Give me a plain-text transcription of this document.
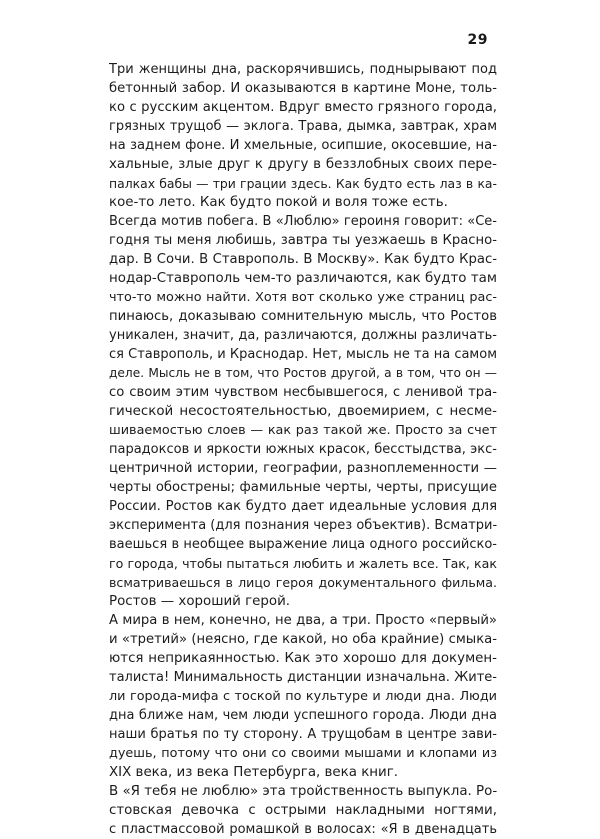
29
Три женщины дна, раскорячившись, поднырывают под
бетонный забор. И оказываются в картине Моне, толь-
ко с русским акцентом. Вдруг вместо грязного города,
грязных трущоб — эклога. Трава, дымка, завтрак, храм
на заднем фоне. И хмельные, осипшие, окосевшие, на-
хальные, злые друг к другу в беззлобных своих пере-
палках бабы — три грации здесь. Как будто есть лаз в ка-
кое-то лето. Как будто покой и воля тоже есть.
Всегда мотив побега. В «Люблю» героиня говорит: «Се-
годня ты меня любишь, завтра ты уезжаешь в Красно-
дар. В Сочи. В Ставрополь. В Москву». Как будто Крас-
нодар-Ставрополь чем-то различаются, как будто там
что-то можно найти. Хотя вот сколько уже страниц рас-
пинаюсь, доказываю сомнительную мысль, что Ростов
уникален, значит, да, различаются, должны различать-
ся Ставрополь, и Краснодар. Нет, мысль не та на самом
деле. Мысль не в том, что Ростов другой, а в том, что он —
со своим этим чувством несбывшегося, с ленивой тра-
гической несостоятельностью, двоемирием, с несме-
шиваемостью слоев — как раз такой же. Просто за счет
парадоксов и яркости южных красок, бесстыдства, экс-
центричной истории, географии, разноплеменности —
черты обострены; фамильные черты, черты, присущие
России. Ростов как будто дает идеальные условия для
эксперимента (для познания через объектив). Всматри-
ваешься в необщее выражение лица одного российско-
го города, чтобы пытаться любить и жалеть все. Так, как
всматриваешься в лицо героя документального фильма.
Ростов — хороший герой.
А мира в нем, конечно, не два, а три. Просто «первый»
и «третий» (неясно, где какой, но оба крайние) смыка-
ются неприкаянностью. Как это хорошо для докумен-
талиста! Минимальность дистанции изначальна. Жите-
ли города-мифа с тоской по культуре и люди дна. Люди
дна ближе нам, чем люди успешного города. Люди дна
наши братья по ту сторону. А трущобам в центре зави-
дуешь, потому что они со своими мышами и клопами из
XIX века, из века Петербурга, века книг.
В «Я тебя не люблю» эта тройственность выпукла. Ро-
стовская девочка с острыми накладными ногтями,
с пластмассовой ромашкой в волосах: «Я в двенадцать
